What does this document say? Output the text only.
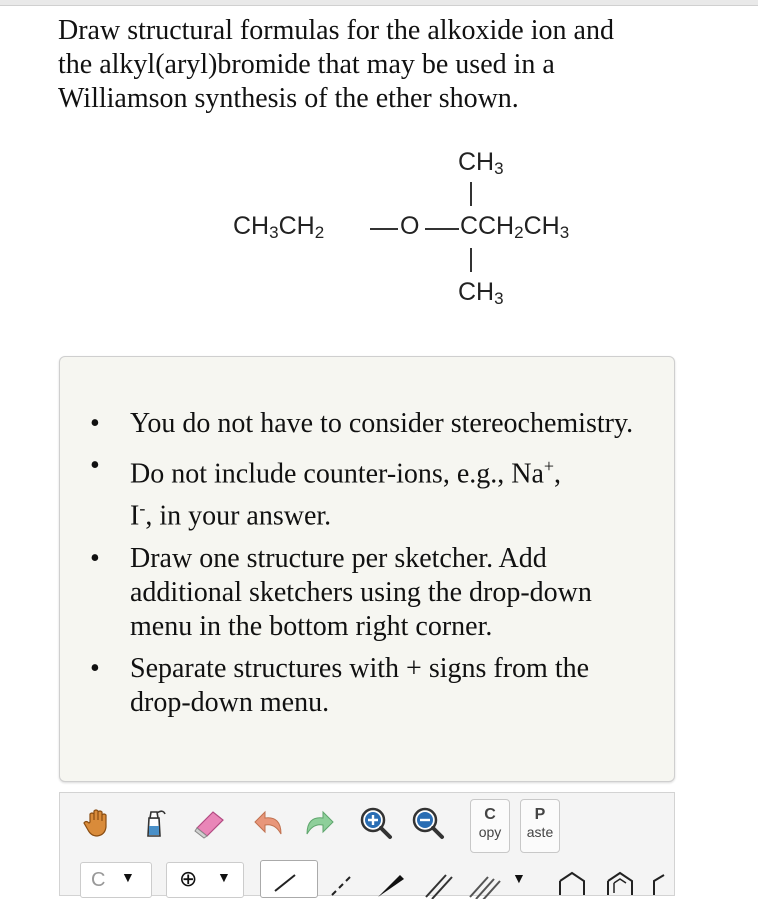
Draw structural formulas for the alkoxide ion and
the alkyl(aryl)bromide that may be used in a
Williamson synthesis of the ether shown.
$CH_3$
$CH_3CH_2$	O C $CH_2CH_3$
$CH_3$
• You do not have to consider stereochemistry.
• Do not include counter-ions, e.g., Na+,
I-, in your answer.
• Draw one structure per sketcher. Add additional sketchers using the drop-down menu in the bottom right corner.
• Separate structures with + signs from the drop-down menu.
C
opy
P
aste
C ▼ ⊕ ▼	▼
